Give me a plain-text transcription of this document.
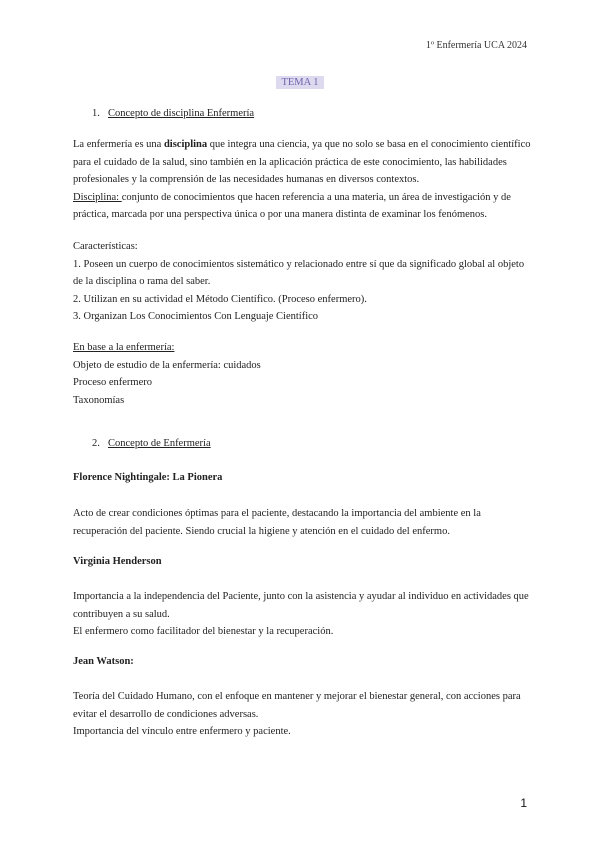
1º Enfermería UCA 2024
TEMA 1
1. Concepto de disciplina Enfermería

La enfermería es una disciplina que integra una ciencia, ya que no solo se basa en el conocimiento científico para el cuidado de la salud, sino también en la aplicación práctica de este conocimiento, las habilidades profesionales y la comprensión de las necesidades humanas en diversos contextos.

Disciplina: conjunto de conocimientos que hacen referencia a una materia, un área de investigación y de práctica, marcada por una perspectiva única o por una manera distinta de examinar los fenómenos.

Características:

1. Poseen un cuerpo de conocimientos sistemático y relacionado entre sí que da significado global al objeto de la disciplina o rama del saber.

2. Utilizan en su actividad el Método Científico. (Proceso enfermero).

3. Organizan Los Conocimientos Con Lenguaje Científico

En base a la enfermería:

Objeto de estudio de la enfermería: cuidados

Proceso enfermero

Taxonomías

2. Concepto de Enfermería
Florence Nightingale: La Pionera

Acto de crear condiciones óptimas para el paciente, destacando la importancia del ambiente en la recuperación del paciente. Siendo crucial la higiene y atención en el cuidado del enfermo.

Virginia Henderson

Importancia a la independencia del Paciente, junto con la asistencia y ayudar al individuo en actividades que contribuyen a su salud.

El enfermero como facilitador del bienestar y la recuperación.

Jean Watson:

Teoría del Cuidado Humano, con el enfoque en mantener y mejorar el bienestar general, con acciones para evitar el desarrollo de condiciones adversas.

Importancia del vínculo entre enfermero y paciente.

1
